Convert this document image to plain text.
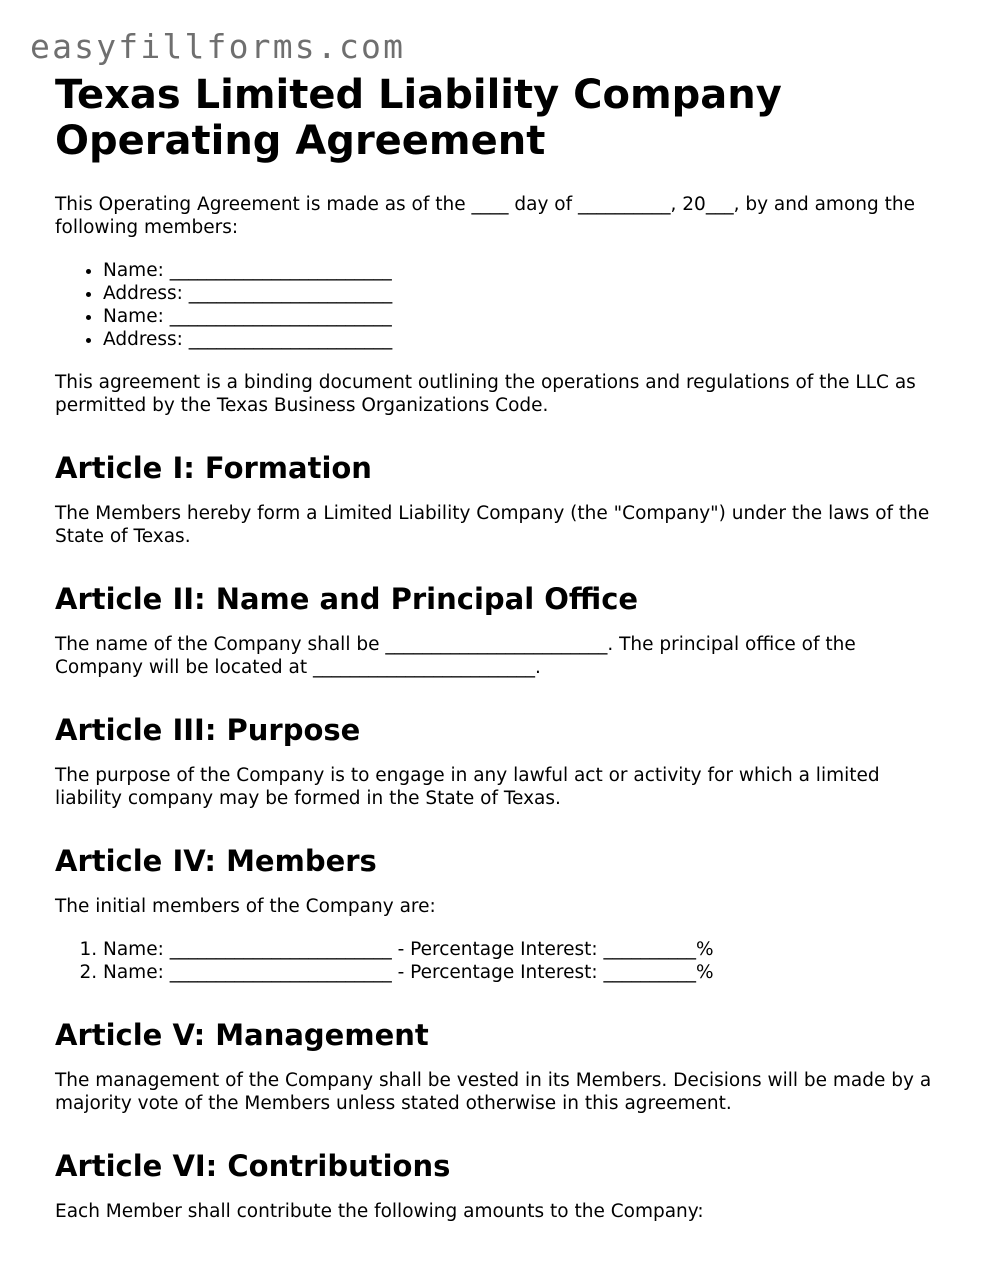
easyfillforms.com
Texas Limited Liability Company Operating Agreement

This Operating Agreement is made as of the ____ day of __________, 20___, by and among the following members:

• Name: ________________________
• Address: ______________________
• Name: ________________________
• Address: ______________________

This agreement is a binding document outlining the operations and regulations of the LLC as permitted by the Texas Business Organizations Code.

Article I: Formation

The Members hereby form a Limited Liability Company (the "Company") under the laws of the State of Texas.

Article II: Name and Principal Office

The name of the Company shall be ________________________. The principal office of the Company will be located at ________________________.

Article III: Purpose

The purpose of the Company is to engage in any lawful act or activity for which a limited liability company may be formed in the State of Texas.

Article IV: Members

The initial members of the Company are:

1. Name: ________________________ - Percentage Interest: __________%
2. Name: ________________________ - Percentage Interest: __________%
Article V: Management

The management of the Company shall be vested in its Members. Decisions will be made by a majority vote of the Members unless stated otherwise in this agreement.

Article VI: Contributions

Each Member shall contribute the following amounts to the Company:
